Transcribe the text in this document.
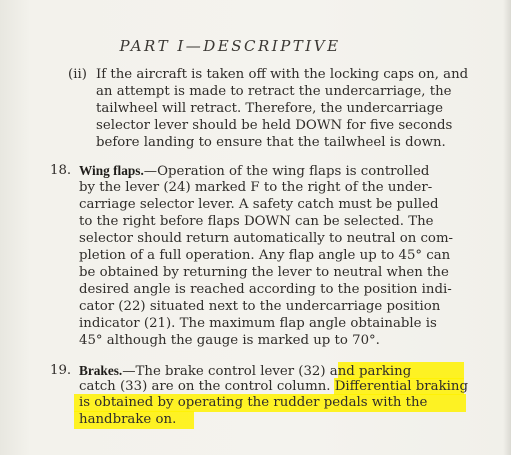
PART I—DESCRIPTIVE
(ii) If the aircraft is taken off with the locking caps on, and
an attempt is made to retract the undercarriage, the
tailwheel will retract. Therefore, the undercarriage
selector lever should be held DOWN for five seconds
before landing to ensure that the tailwheel is down.
18. Wing flaps.—Operation of the wing flaps is controlled
by the lever (24) marked F to the right of the under-
carriage selector lever. A safety catch must be pulled
to the right before flaps DOWN can be selected. The
selector should return automatically to neutral on com-
pletion of a full operation. Any flap angle up to 45° can
be obtained by returning the lever to neutral when the
desired angle is reached according to the position indi-
cator (22) situated next to the undercarriage position
indicator (21). The maximum flap angle obtainable is
45° although the gauge is marked up to 70°.
19. Brakes.—The brake control lever (32) and parking
catch (33) are on the control column. Differential braking
is obtained by operating the rudder pedals with the
handbrake on.
